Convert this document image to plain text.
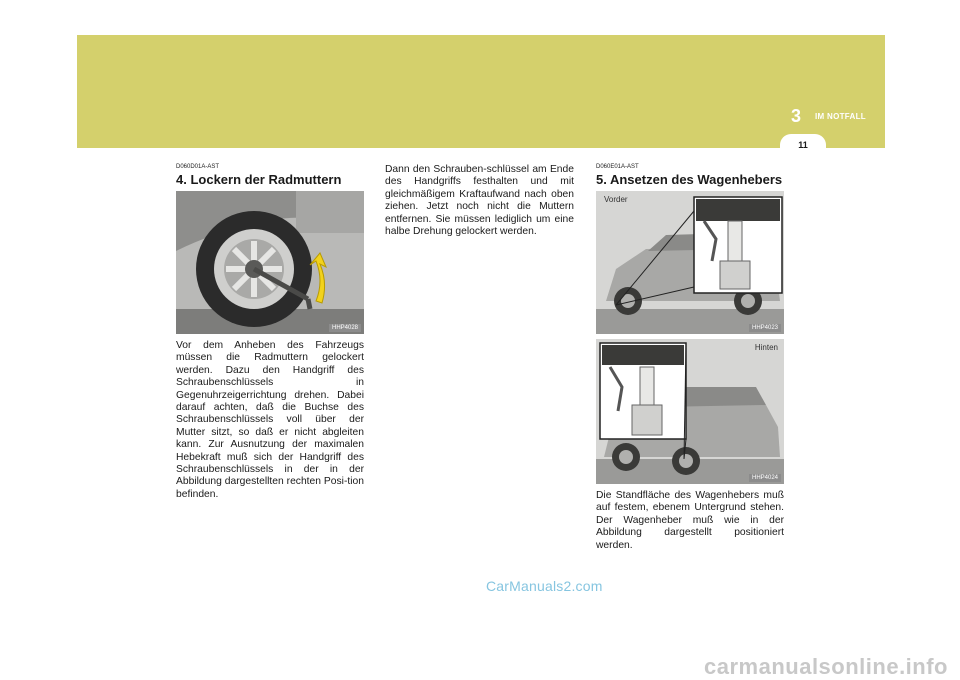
IM NOTFALL
3
11
D060D01A-AST
4. Lockern der Radmuttern
HHP4028

Vor dem Anheben des Fahrzeugs müssen die Radmuttern gelockert werden. Dazu den Handgriff des Schraubenschlüssels in Gegenuhrzeigerrichtung drehen. Dabei darauf achten, daß die Buchse des Schraubenschlüssels voll über der Mutter sitzt, so daß er nicht abgleiten kann. Zur Ausnutzung der maximalen Hebekraft muß sich der Handgriff des Schraubenschlüssels in der in der Abbildung dargestellten rechten Posi-tion befinden.

Dann den Schrauben-schlüssel am Ende des Handgriffs festhalten und mit gleichmäßigem Kraftaufwand nach oben ziehen. Jetzt noch nicht die Muttern entfernen. Sie müssen lediglich um eine halbe Drehung gelockert werden.

D060E01A-AST
5. Ansetzen des Wagenhebers
Vorder
HHP4023
Hinten
HHP4024

Die Standfläche des Wagenhebers muß auf festem, ebenem Untergrund stehen. Der Wagenheber muß wie in der Abbildung dargestellt positioniert werden.

CarManuals2.com
carmanualsonline.info
